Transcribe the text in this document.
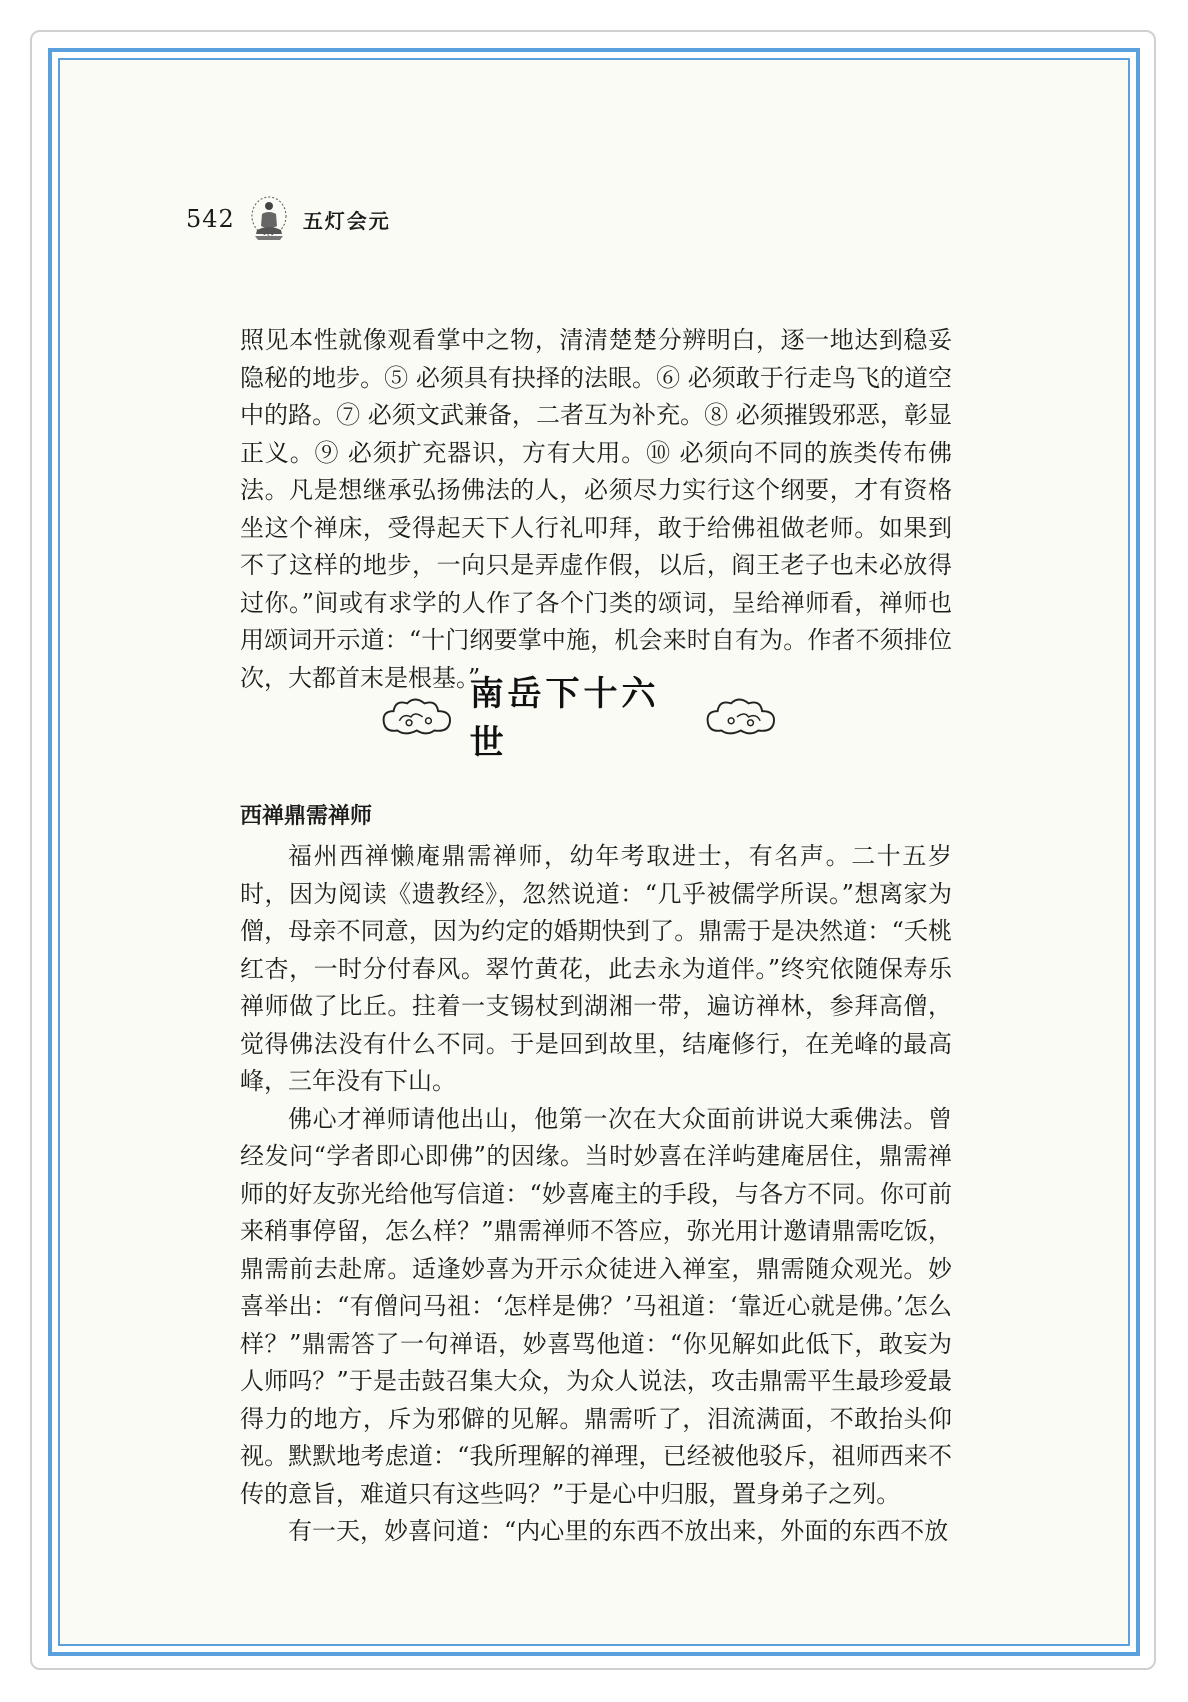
542	五灯会元

照见本性就像观看掌中之物，清清楚楚分辨明白，逐一地达到稳妥隐秘的地步。⑤ 必须具有抉择的法眼。⑥ 必须敢于行走鸟飞的道空中的路。⑦ 必须文武兼备，二者互为补充。⑧ 必须摧毁邪恶，彰显正义。⑨ 必须扩充器识，方有大用。⑩ 必须向不同的族类传布佛法。凡是想继承弘扬佛法的人，必须尽力实行这个纲要，才有资格坐这个禅床，受得起天下人行礼叩拜，敢于给佛祖做老师。如果到不了这样的地步，一向只是弄虚作假，以后，阎王老子也未必放得过你。”间或有求学的人作了各个门类的颂词，呈给禅师看，禅师也用颂词开示道：“十门纲要掌中施，机会来时自有为。作者不须排位次，大都首末是根基。”

南岳下十六世

西禅鼎需禅师

福州西禅懒庵鼎需禅师，幼年考取进士，有名声。二十五岁时，因为阅读《遗教经》，忽然说道：“几乎被儒学所误。”想离家为僧，母亲不同意，因为约定的婚期快到了。鼎需于是决然道：“夭桃红杏，一时分付春风。翠竹黄花，此去永为道伴。”终究依随保寿乐禅师做了比丘。拄着一支锡杖到湖湘一带，遍访禅林，参拜高僧，觉得佛法没有什么不同。于是回到故里，结庵修行，在羌峰的最高峰，三年没有下山。

佛心才禅师请他出山，他第一次在大众面前讲说大乘佛法。曾经发问“学者即心即佛”的因缘。当时妙喜在洋屿建庵居住，鼎需禅师的好友弥光给他写信道：“妙喜庵主的手段，与各方不同。你可前来稍事停留，怎么样？”鼎需禅师不答应，弥光用计邀请鼎需吃饭，鼎需前去赴席。适逢妙喜为开示众徒进入禅室，鼎需随众观光。妙喜举出：“有僧问马祖：‘怎样是佛？’马祖道：‘靠近心就是佛。’怎么样？”鼎需答了一句禅语，妙喜骂他道：“你见解如此低下，敢妄为人师吗？”于是击鼓召集大众，为众人说法，攻击鼎需平生最珍爱最得力的地方，斥为邪僻的见解。鼎需听了，泪流满面，不敢抬头仰视。默默地考虑道：“我所理解的禅理，已经被他驳斥，祖师西来不传的意旨，难道只有这些吗？”于是心中归服，置身弟子之列。

有一天，妙喜问道：“内心里的东西不放出来，外面的东西不放
